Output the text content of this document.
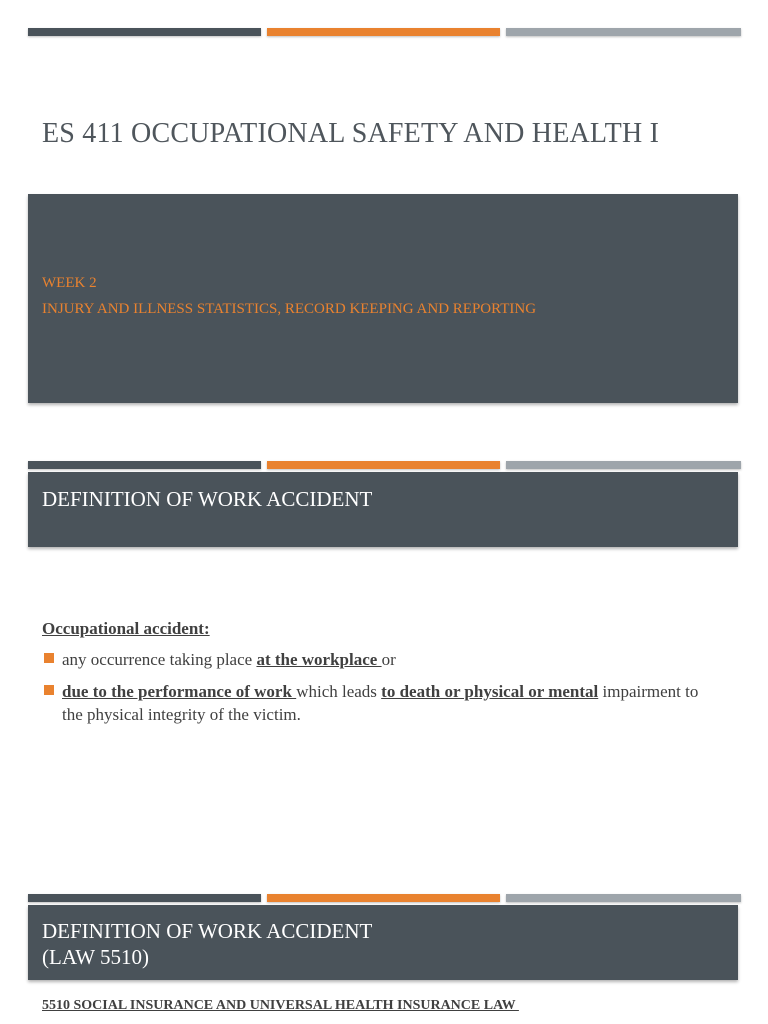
ES 411 OCCUPATIONAL SAFETY AND HEALTH I

WEEK 2

INJURY AND ILLNESS STATISTICS, RECORD KEEPING AND REPORTING

DEFINITION OF WORK ACCIDENT

Occupational accident:

any occurrence taking place at the workplace or
due to the performance of work which leads to death or physical or mental impairment to the physical integrity of the victim.
DEFINITION OF WORK ACCIDENT
(LAW 5510)

5510 SOCIAL INSURANCE AND UNIVERSAL HEALTH INSURANCE LAW
